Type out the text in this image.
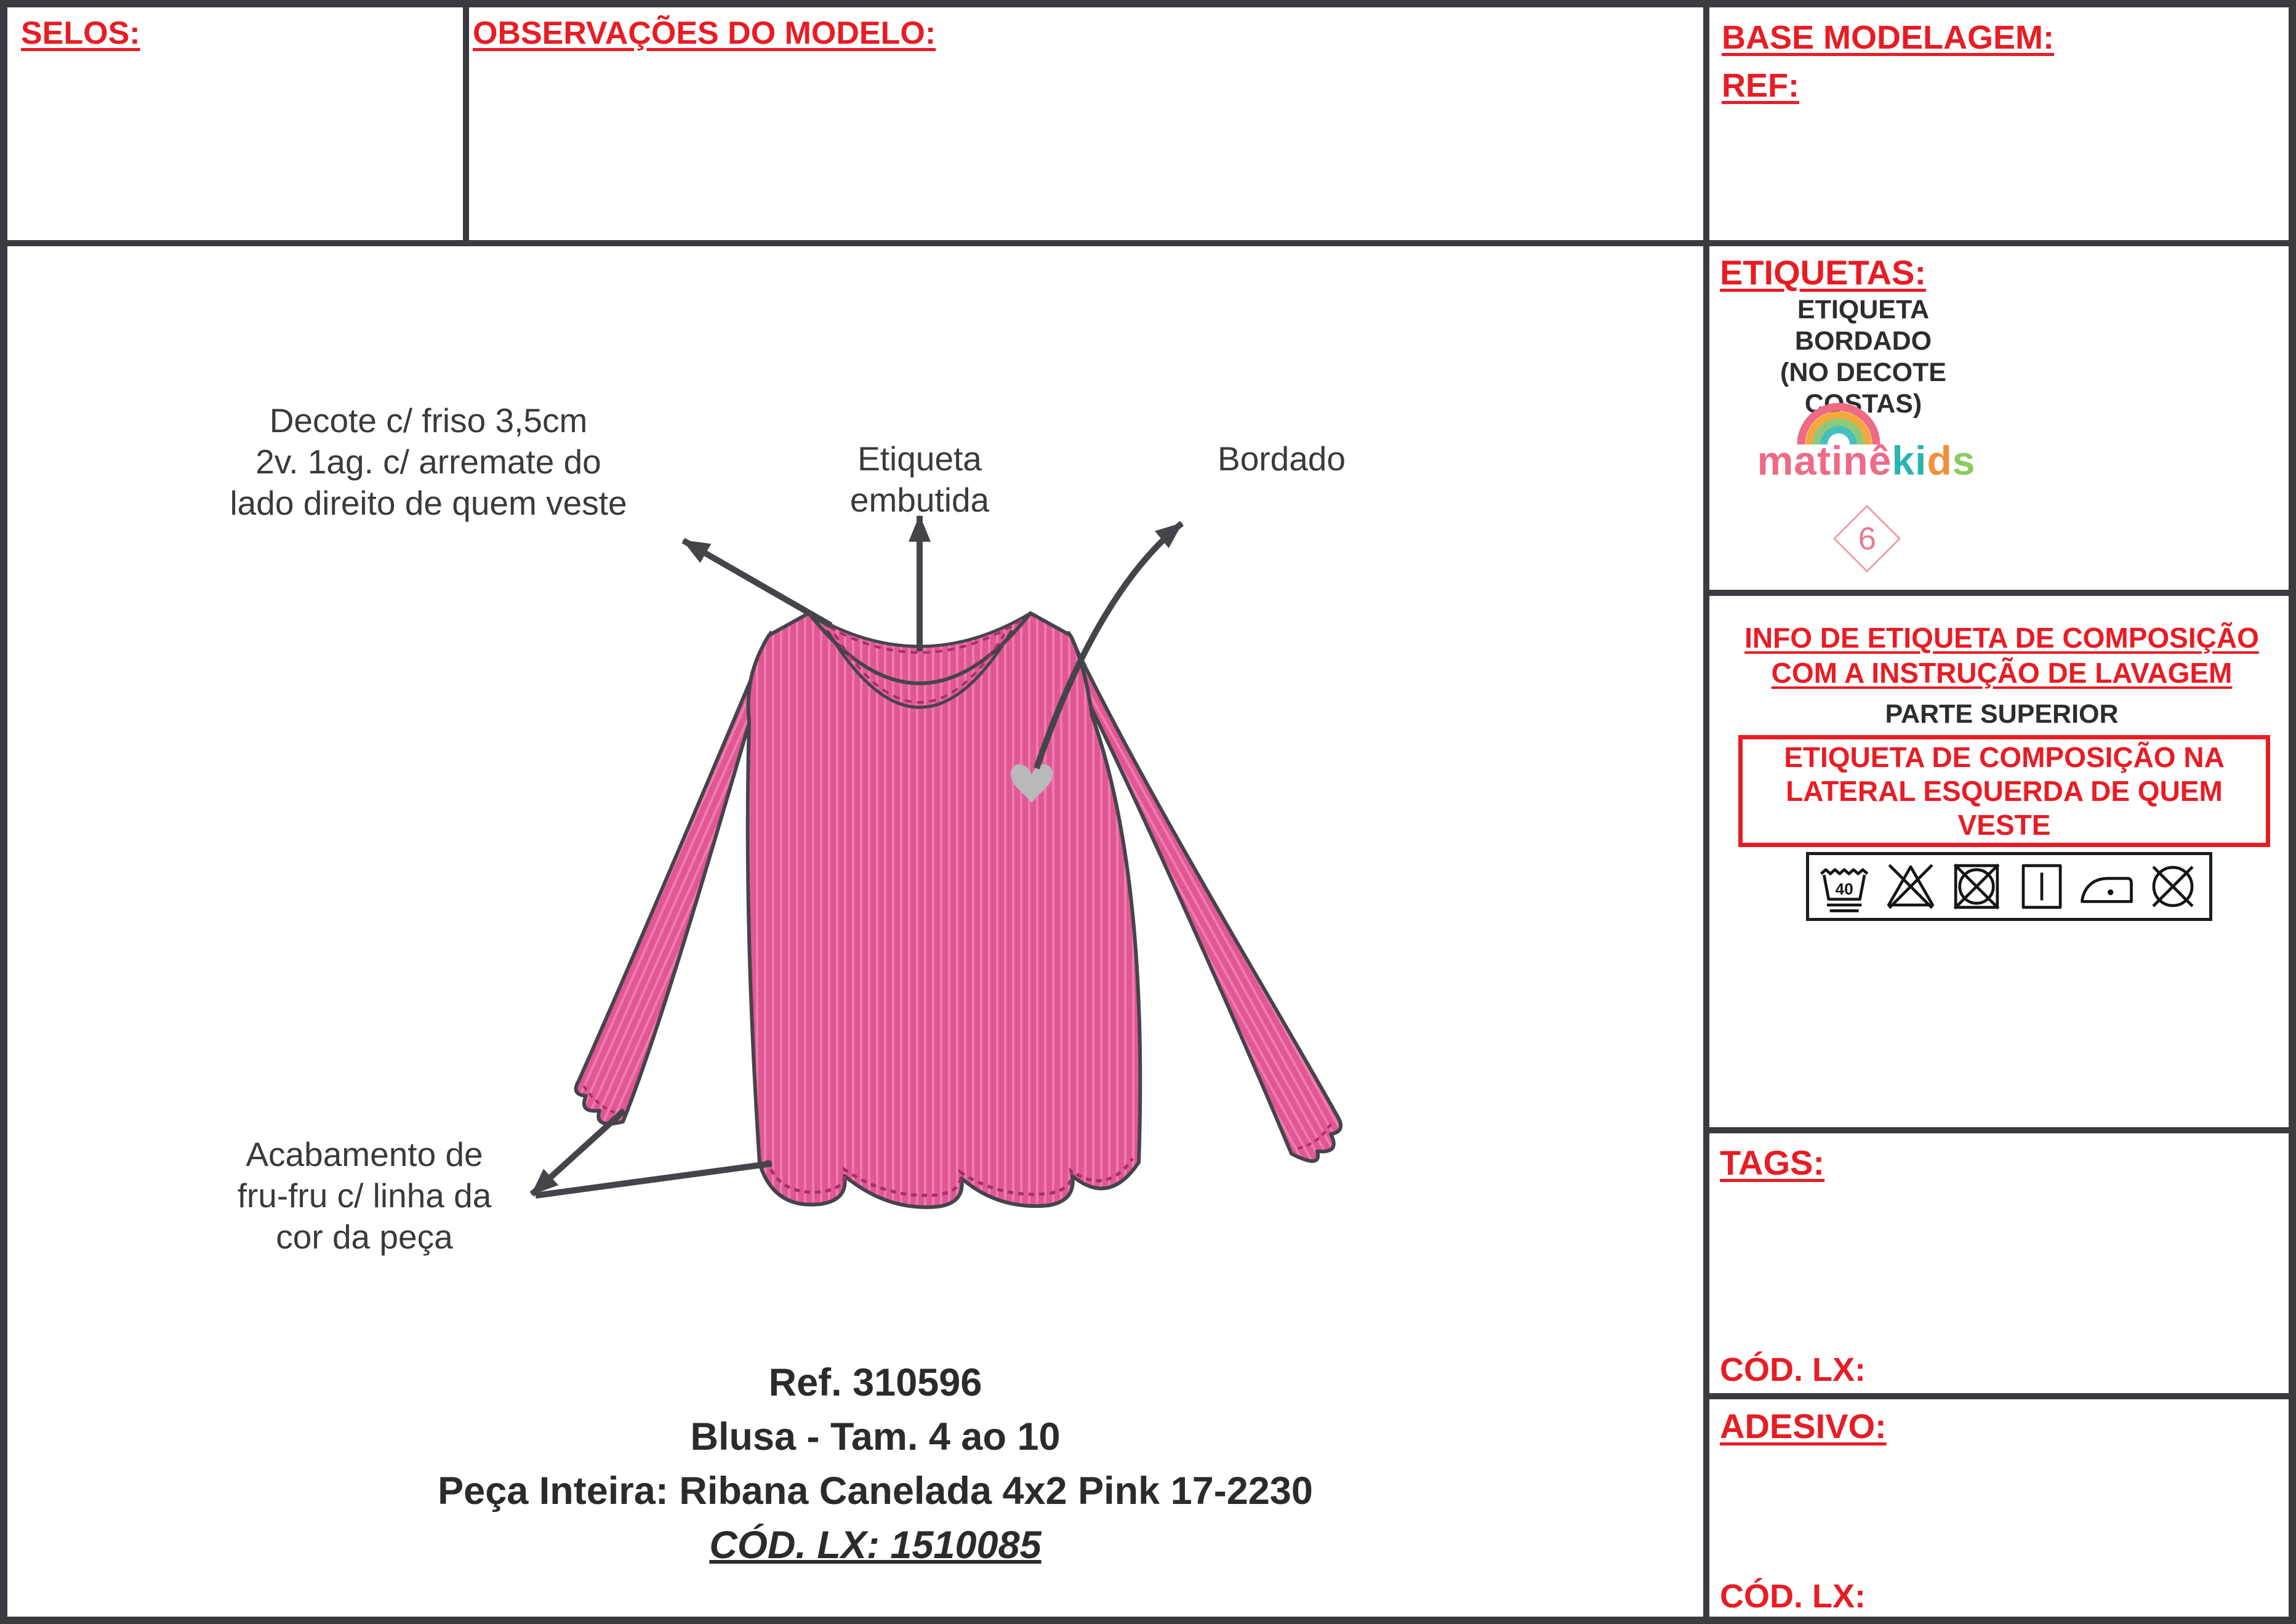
SELOS:	OBSERVAÇÕES DO MODELO:	BASE MODELAGEM:
REF:
ETIQUETAS:
ETIQUETA BORDADO
(NO DECOTE COSTAS)
matinêkids
6
INFO DE ETIQUETA DE COMPOSIÇÃO
COM A INSTRUÇÃO DE LAVAGEM
PARTE SUPERIOR
ETIQUETA DE COMPOSIÇÃO NA
LATERAL ESQUERDA DE QUEM
VESTE
40
TAGS:
CÓD. LX:
ADESIVO:
CÓD. LX:
Decote c/ friso 3,5cm
2v. 1ag. c/ arremate do
lado direito de quem veste
Etiqueta
embutida
Bordado
Acabamento de
fru-fru c/ linha da
cor da peça
Ref. 310596
Blusa - Tam. 4 ao 10
Peça Inteira: Ribana Canelada 4x2 Pink 17-2230
CÓD. LX: 1510085
